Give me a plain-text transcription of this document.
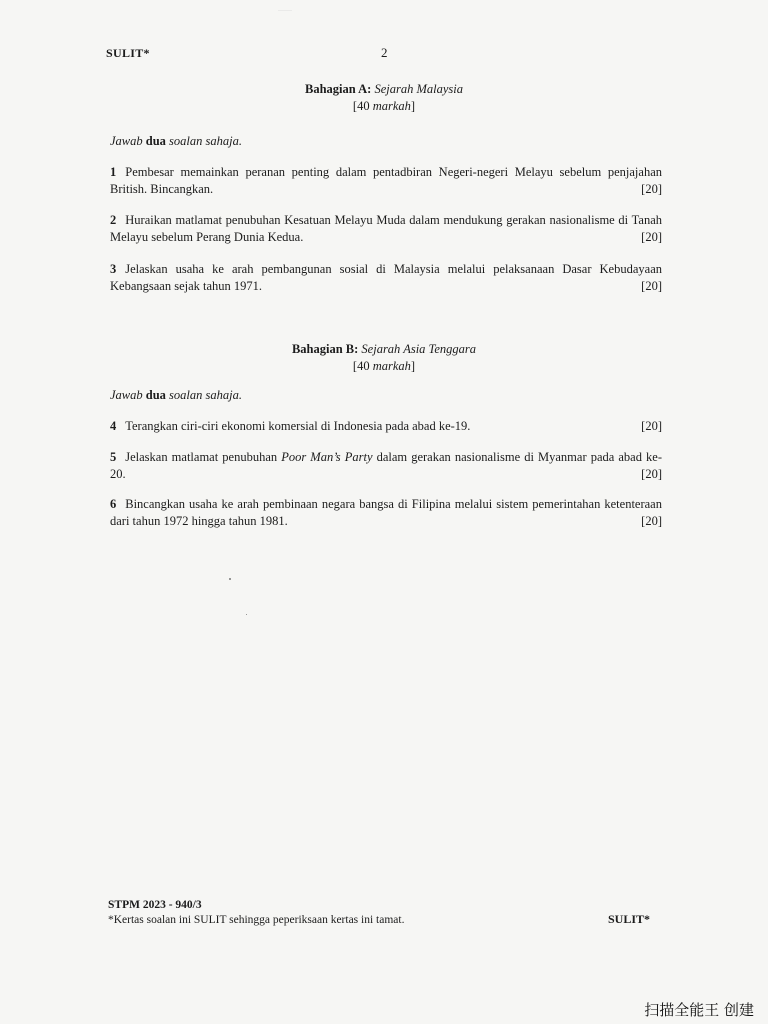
SULIT*	2
Bahagian A: Sejarah Malaysia
[40 markah]
Jawab dua soalan sahaja.
1 Pembesar memainkan peranan penting dalam pentadbiran Negeri-negeri Melayu sebelum penjajahan British. Bincangkan.	[20]
2 Huraikan matlamat penubuhan Kesatuan Melayu Muda dalam mendukung gerakan nasionalisme di Tanah Melayu sebelum Perang Dunia Kedua.	[20]
3 Jelaskan usaha ke arah pembangunan sosial di Malaysia melalui pelaksanaan Dasar Kebudayaan Kebangsaan sejak tahun 1971.	[20]
Bahagian B: Sejarah Asia Tenggara
[40 markah]
Jawab dua soalan sahaja.
4 Terangkan ciri-ciri ekonomi komersial di Indonesia pada abad ke-19.	[20]
5 Jelaskan matlamat penubuhan Poor Man’s Party dalam gerakan nasionalisme di Myanmar pada abad ke-20.	[20]
6 Bincangkan usaha ke arah pembinaan negara bangsa di Filipina melalui sistem pemerintahan ketenteraan dari tahun 1972 hingga tahun 1981.	[20]
STPM 2023 - 940/3
*Kertas soalan ini SULIT sehingga peperiksaan kertas ini tamat.	SULIT*
扫描全能王 创建
